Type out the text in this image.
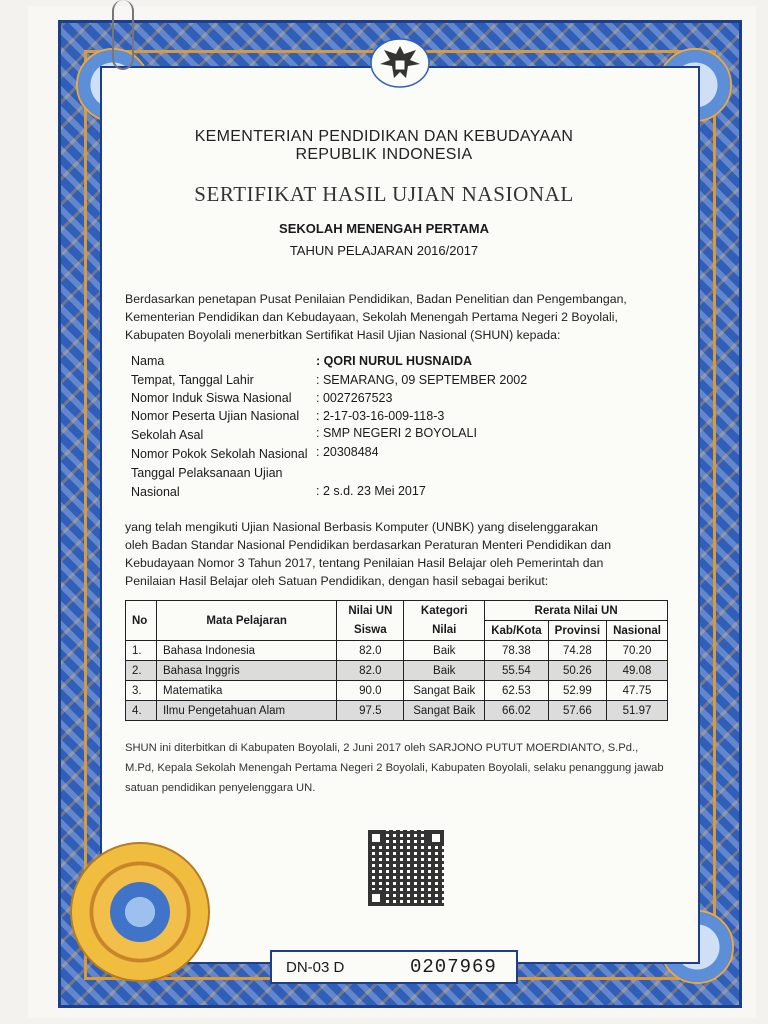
KEMENTERIAN PENDIDIKAN DAN KEBUDAYAAN
REPUBLIK INDONESIA
SERTIFIKAT HASIL UJIAN NASIONAL
SEKOLAH MENENGAH PERTAMA
TAHUN PELAJARAN 2016/2017
Berdasarkan penetapan Pusat Penilaian Pendidikan, Badan Penelitian dan Pengembangan,
Kementerian Pendidikan dan Kebudayaan, Sekolah Menengah Pertama Negeri 2 Boyolali,
Kabupaten Boyolali menerbitkan Sertifikat Hasil Ujian Nasional (SHUN) kepada:
Nama	: QORI NURUL HUSNAIDA
Tempat, Tanggal Lahir	: SEMARANG, 09 SEPTEMBER 2002
Nomor Induk Siswa Nasional : 0027267523
Nomor Peserta Ujian Nasional : 2-17-03-16-009-118-3
Sekolah Asal	: SMP NEGERI 2 BOYOLALI
Nomor Pokok Sekolah Nasional : 20308484
Tanggal Pelaksanaan Ujian
Nasional	: 2 s.d. 23 Mei 2017
yang telah mengikuti Ujian Nasional Berbasis Komputer (UNBK) yang diselenggarakan
oleh Badan Standar Nasional Pendidikan berdasarkan Peraturan Menteri Pendidikan dan
Kebudayaan Nomor 3 Tahun 2017, tentang Penilaian Hasil Belajar oleh Pemerintah dan
Penilaian Hasil Belajar oleh Satuan Pendidikan, dengan hasil sebagai berikut:
No	Mata Pelajaran	Nilai UN	Kategori	Rerata Nilai UN		
		Siswa	Nilai	Kab/Kota	Provinsi	Nasional
1.	Bahasa Indonesia	82.0	Baik	78.38	74.28	70.20
2.	Bahasa Inggris	82.0	Baik	55.54	50.26	49.08
3.	Matematika	90.0	Sangat Baik	62.53	52.99	47.75
4.	Ilmu Pengetahuan Alam	97.5	Sangat Baik	66.02	57.66	51.97
SHUN ini diterbitkan di Kabupaten Boyolali, 2 Juni 2017 oleh SARJONO PUTUT MOERDIANTO, S.Pd.,
M.Pd, Kepala Sekolah Menengah Pertama Negeri 2 Boyolali, Kabupaten Boyolali, selaku penanggung jawab
satuan pendidikan penyelenggara UN.
DN-03 D	0207969
